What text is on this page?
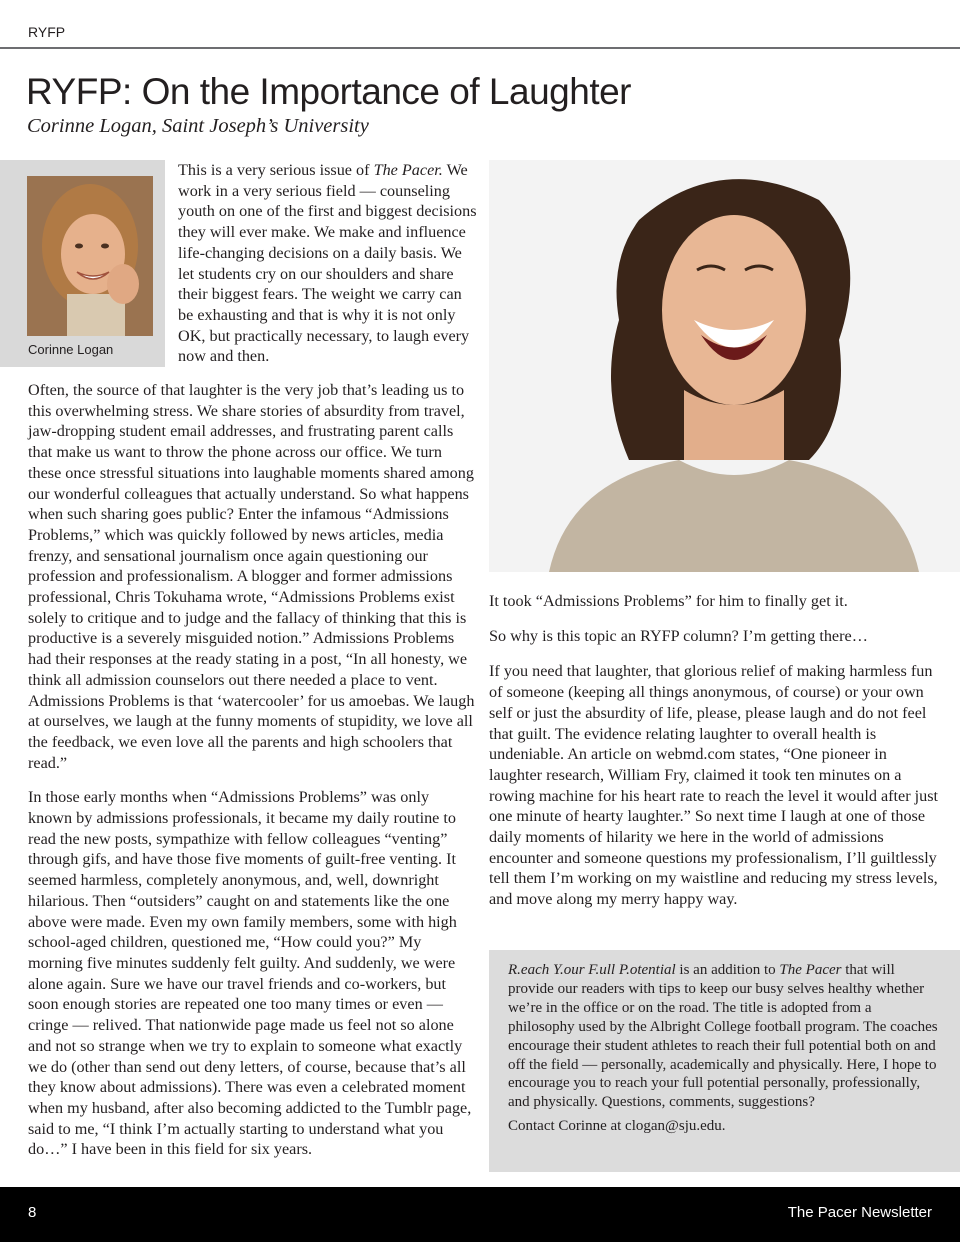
RYFP
RYFP: On the Importance of Laughter
Corinne Logan, Saint Joseph’s University
Corinne Logan

This is a very serious issue of The Pacer. We work in a very serious field — counseling youth on one of the first and biggest decisions they will ever make. We make and influence life-changing decisions on a daily basis. We let students cry on our shoulders and share their biggest fears. The weight we carry can be exhausting and that is why it is not only OK, but practically necessary, to laugh every now and then.

Often, the source of that laughter is the very job that’s leading us to this overwhelming stress. We share stories of absurdity from travel, jaw-dropping student email addresses, and frustrating parent calls that make us want to throw the phone across our office. We turn these once stressful situations into laughable moments shared among our wonderful colleagues that actually understand. So what happens when such sharing goes public? Enter the infamous “Admissions Problems,” which was quickly followed by news articles, media frenzy, and sensational journalism once again questioning our profession and professionalism. A blogger and former admissions professional, Chris Tokuhama wrote, “Admissions Problems exist solely to critique and to judge and the fallacy of thinking that this is productive is a severely misguided notion.” Admissions Problems had their responses at the ready stating in a post, “In all honesty, we think all admission counselors out there needed a place to vent. Admissions Problems is that ‘watercooler’ for us amoebas. We laugh at ourselves, we laugh at the funny moments of stupidity, we love all the feedback, we even love all the parents and high schoolers that read.”

In those early months when “Admissions Problems” was only known by admissions professionals, it became my daily routine to read the new posts, sympathize with fellow colleagues “venting” through gifs, and have those five moments of guilt-free venting. It seemed harmless, completely anonymous, and, well, downright hilarious. Then “outsiders” caught on and statements like the one above were made. Even my own family members, some with high school-aged children, questioned me, “How could you?” My morning five minutes suddenly felt guilty. And suddenly, we were alone again. Sure we have our travel friends and co-workers, but soon enough stories are repeated one too many times or even — cringe — relived. That nationwide page made us feel not so alone and not so strange when we try to explain to someone what exactly we do (other than send out deny letters, of course, because that’s all they know about admissions). There was even a celebrated moment when my husband, after also becoming addicted to the Tumblr page, said to me, “I think I’m actually starting to understand what you do…” I have been in this field for six years.

It took “Admissions Problems” for him to finally get it.

So why is this topic an RYFP column? I’m getting there…

If you need that laughter, that glorious relief of making harmless fun of someone (keeping all things anonymous, of course) or your own self or just the absurdity of life, please, please laugh and do not feel that guilt. The evidence relating laughter to overall health is undeniable. An article on webmd.com states, “One pioneer in laughter research, William Fry, claimed it took ten minutes on a rowing machine for his heart rate to reach the level it would after just one minute of hearty laughter.” So next time I laugh at one of those daily moments of hilarity we here in the world of admissions encounter and someone questions my professionalism, I’ll guiltlessly tell them I’m working on my waistline and reducing my stress levels, and move along my merry happy way.

R.each Y.our F.ull P.otential is an addition to The Pacer that will provide our readers with tips to keep our busy selves healthy whether we’re in the office or on the road. The title is adopted from a philosophy used by the Albright College football program. The coaches encourage their student athletes to reach their full potential both on and off the field — personally, academically and physically. Here, I hope to encourage you to reach your full potential personally, professionally, and physically. Questions, comments, suggestions?

Contact Corinne at clogan@sju.edu.

8	The Pacer Newsletter
